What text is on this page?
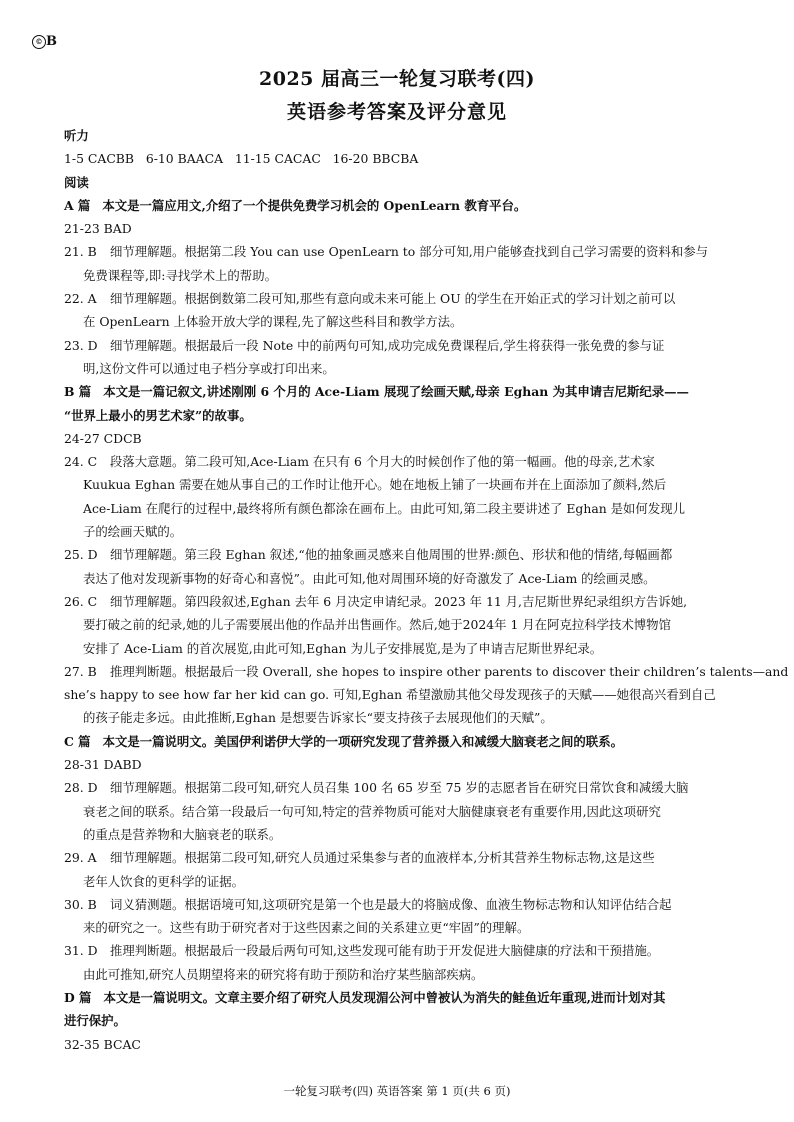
© B
2025 届高三一轮复习联考(四)
英语参考答案及评分意见
听力
1-5 CACBB   6-10 BAACA   11-15 CACAC   16-20 BBCBA
阅读
A 篇 本文是一篇应用文,介绍了一个提供免费学习机会的 OpenLearn 教育平台。
21-23 BAD
21. B 细节理解题。根据第二段 You can use OpenLearn to 部分可知,用户能够查找到自己学习需要的资料和参与
免费课程等,即:寻找学术上的帮助。
22. A 细节理解题。根据倒数第二段可知,那些有意向或未来可能上 OU 的学生在开始正式的学习计划之前可以
在 OpenLearn 上体验开放大学的课程,先了解这些科目和教学方法。
23. D 细节理解题。根据最后一段 Note 中的前两句可知,成功完成免费课程后,学生将获得一张免费的参与证
明,这份文件可以通过电子档分享或打印出来。
B 篇 本文是一篇记叙文,讲述刚刚 6 个月的 Ace-Liam 展现了绘画天赋,母亲 Eghan 为其申请吉尼斯纪录——
“世界上最小的男艺术家”的故事。
24-27 CDCB
24. C 段落大意题。第二段可知,Ace-Liam 在只有 6 个月大的时候创作了他的第一幅画。他的母亲,艺术家
Kuukua Eghan 需要在她从事自己的工作时让他开心。她在地板上铺了一块画布并在上面添加了颜料,然后
Ace-Liam 在爬行的过程中,最终将所有颜色都涂在画布上。由此可知,第二段主要讲述了 Eghan 是如何发现儿
子的绘画天赋的。
25. D 细节理解题。第三段 Eghan 叙述,“他的抽象画灵感来自他周围的世界:颜色、形状和他的情绪,每幅画都
表达了他对发现新事物的好奇心和喜悦”。由此可知,他对周围环境的好奇激发了 Ace-Liam 的绘画灵感。
26. C 细节理解题。第四段叙述,Eghan 去年 6 月决定申请纪录。2023 年 11 月,吉尼斯世界纪录组织方告诉她,
要打破之前的纪录,她的儿子需要展出他的作品并出售画作。然后,她于2024年 1 月在阿克拉科学技术博物馆
安排了 Ace-Liam 的首次展览,由此可知,Eghan 为儿子安排展览,是为了申请吉尼斯世界纪录。
27. B 推理判断题。根据最后一段 Overall, she hopes to inspire other parents to discover their children’s talents—and
she’s happy to see how far her kid can go. 可知,Eghan 希望激励其他父母发现孩子的天赋——她很高兴看到自己
的孩子能走多远。由此推断,Eghan 是想要告诉家长“要支持孩子去展现他们的天赋”。
C 篇 本文是一篇说明文。美国伊利诺伊大学的一项研究发现了营养摄入和减缓大脑衰老之间的联系。
28-31 DABD
28. D 细节理解题。根据第二段可知,研究人员召集 100 名 65 岁至 75 岁的志愿者旨在研究日常饮食和减缓大脑
衰老之间的联系。结合第一段最后一句可知,特定的营养物质可能对大脑健康衰老有重要作用,因此这项研究
的重点是营养物和大脑衰老的联系。
29. A 细节理解题。根据第二段可知,研究人员通过采集参与者的血液样本,分析其营养生物标志物,这是这些
老年人饮食的更科学的证据。
30. B 词义猜测题。根据语境可知,这项研究是第一个也是最大的将脑成像、血液生物标志物和认知评估结合起
来的研究之一。这些有助于研究者对于这些因素之间的关系建立更“牢固”的理解。
31. D 推理判断题。根据最后一段最后两句可知,这些发现可能有助于开发促进大脑健康的疗法和干预措施。
由此可推知,研究人员期望将来的研究将有助于预防和治疗某些脑部疾病。
D 篇 本文是一篇说明文。文章主要介绍了研究人员发现湄公河中曾被认为消失的鲑鱼近年重现,进而计划对其
进行保护。
32-35 BCAC
一轮复习联考(四) 英语答案 第 1 页(共 6 页)
